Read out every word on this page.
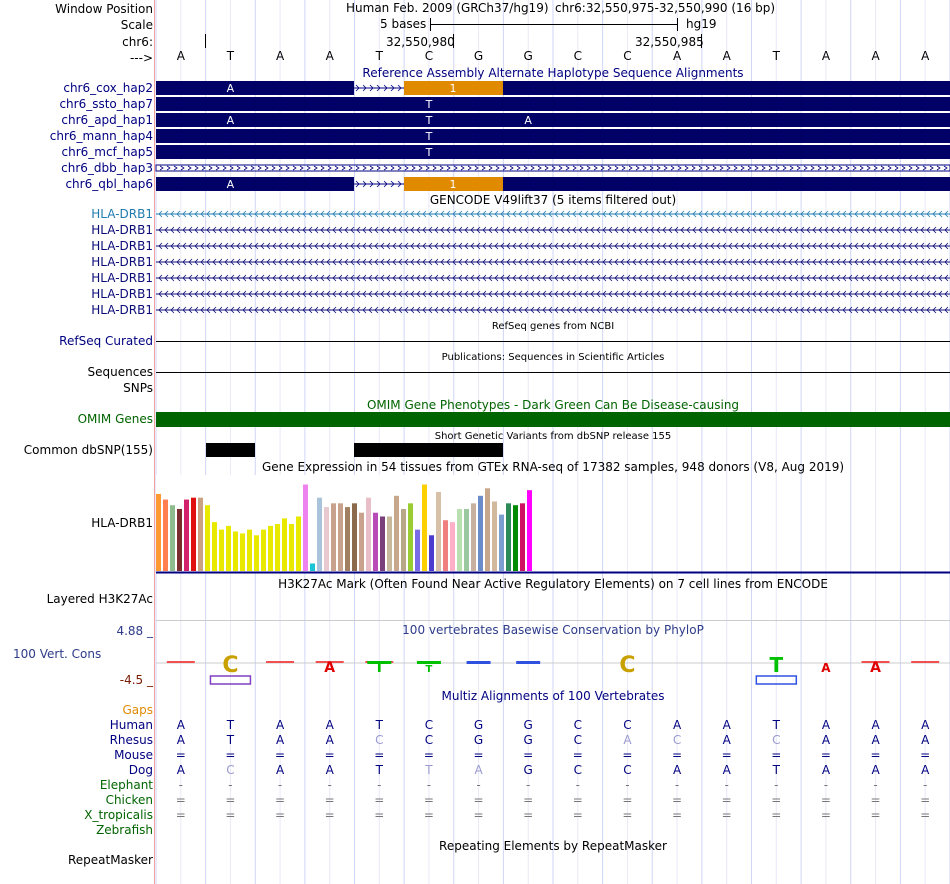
Window Position	Human Feb. 2009 (GRCh37/hg19) chr6:32,550,975-32,550,990 (16 bp)
Scale	5 bases	hg19
chr6:	32,550,980	32,550,985
---> A	T	A	A	T	C	G	G	C	C	A	A	T	A	A	A
Reference Assembly Alternate Haplotype Sequence Alignments
chr6_cox_hap2
chr6_ssto_hap7
chr6_apd_hap1
chr6_mann_hap4
chr6_mcf_hap5
chr6_dbb_hap3
chr6_qbl_hap6
1
A
T
A	T	A
T
T
1
A
GENCODE V49lift37 (5 items filtered out)
HLA-DRB1
HLA-DRB1
HLA-DRB1
HLA-DRB1
HLA-DRB1
HLA-DRB1
HLA-DRB1
RefSeq genes from NCBI
RefSeq Curated
Publications: Sequences in Scientific Articles
Sequences
SNPs
OMIM Gene Phenotypes - Dark Green Can Be Disease-causing
OMIM Genes
Short Genetic Variants from dbSNP release 155
Common dbSNP(155)
Gene Expression in 54 tissues from GTEx RNA-seq of 17382 samples, 948 donors (V8, Aug 2019)
HLA-DRB1
H3K27Ac Mark (Often Found Near Active Regulatory Elements) on 7 cell lines from ENCODE
Layered H3K27Ac
100 vertebrates Basewise Conservation by PhyloP
4.88 _
100 Vert. Cons
-4.5 _
C	A	T	T	C	T	A	A
Multiz Alignments of 100 Vertebrates
Gaps
Human A	T	A	A	T	C	G	G	C	C	A	A	T	A	A	A
Rhesus A	T	A	A	C	C	G	G	C	A	C	A	C	A	A	A
Mouse =	=	=	=	=	=	=	=	=	=	=	=	=	=	=	=
Dog A	C	A	A	T	T	A	G	C	C	A	A	T	A	A	A
Elephant	-	-	-	-	-	-	-	-	-	-	-	-	-	-	-	-
Chicken =	=	=	=	=	=	=	=	=	=	=	=	=	=	=	=
X_tropicalis =	=	=	=	=	=	=	=	=	=	=	=	=	=	=	=
Zebrafish
Repeating Elements by RepeatMasker
RepeatMasker
